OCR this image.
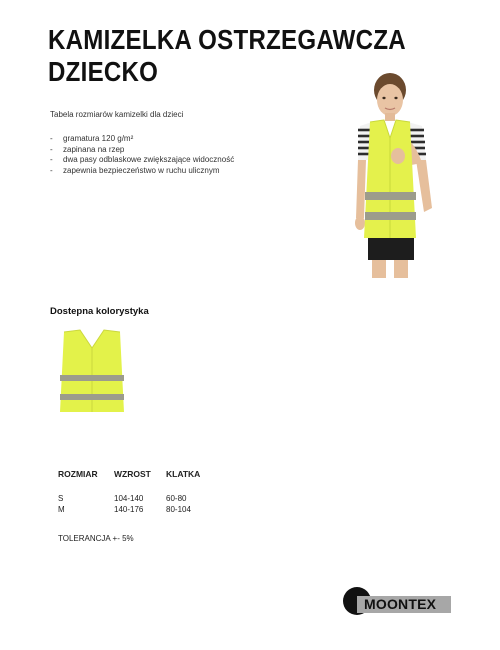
KAMIZELKA OSTRZEGAWCZA
DZIECKO
Tabela rozmiarów kamizelki dla dzieci
- gramatura 120 g/m²
- zapinana na rzep
- dwa pasy odblaskowe zwiększające widoczność
- zapewnia bezpieczeństwo w ruchu ulicznym
Dostepna kolorystyka
ROZMIAR	WZROST	KLATKA
S	104-140	60-80
M	140-176	80-104
TOLERANCJA +- 5%
MOONTEX
